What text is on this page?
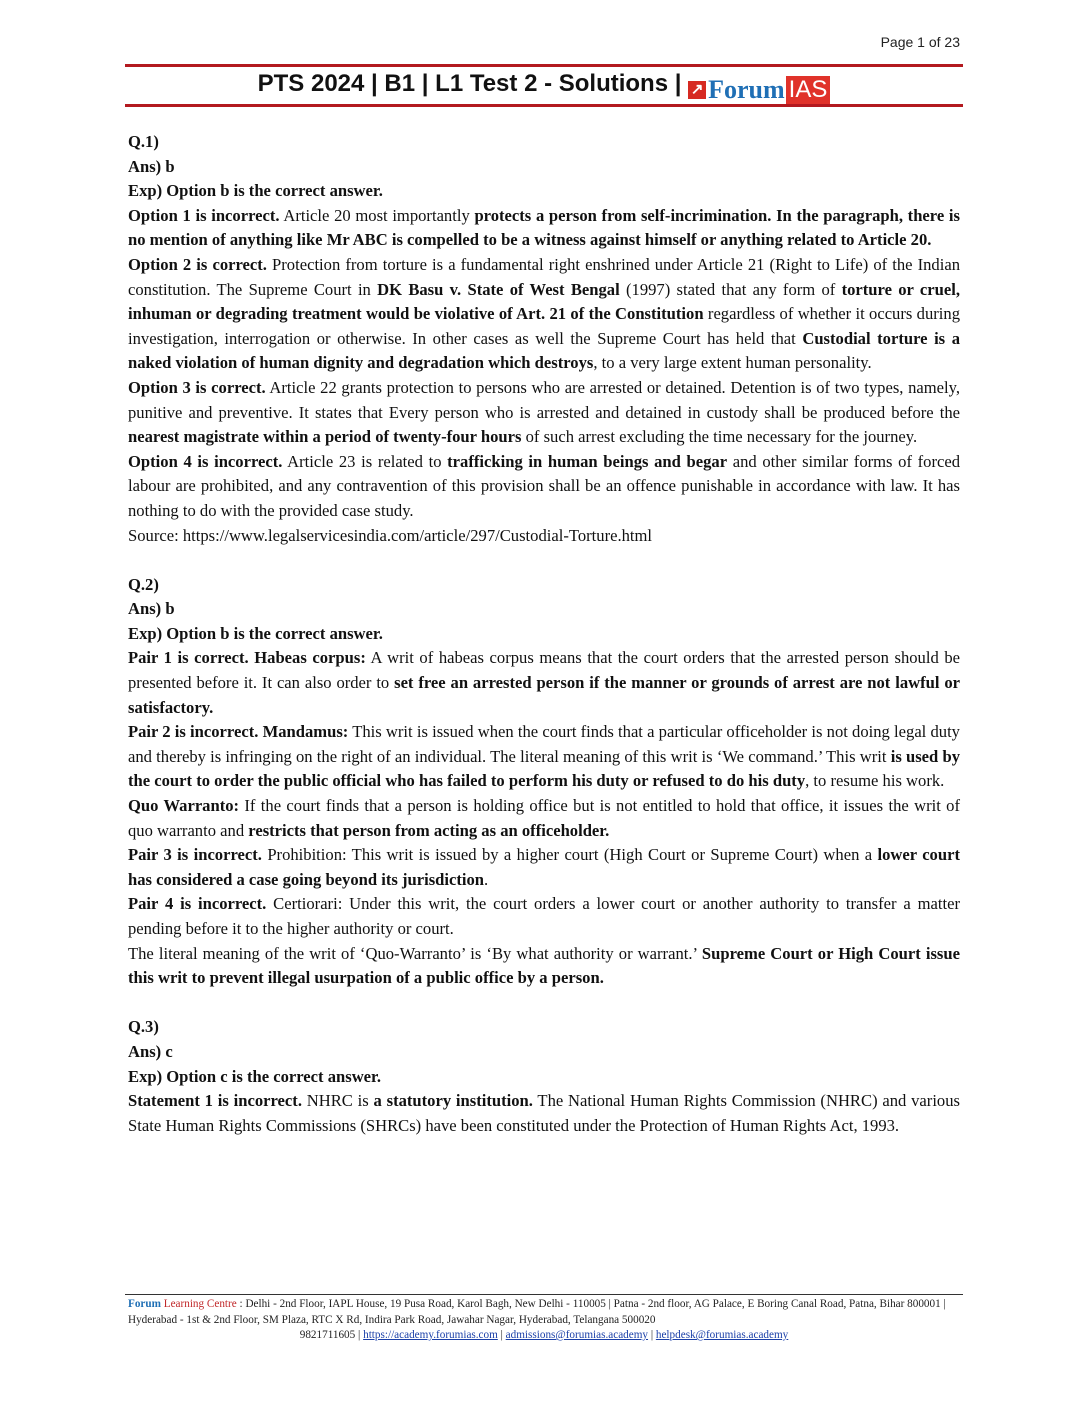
Page 1 of 23
PTS 2024 | B1 | L1 Test 2 - Solutions | ↗ Forum IAS

Q.1)

Ans) b

Exp) Option b is the correct answer.

Option 1 is incorrect. Article 20 most importantly protects a person from self-incrimination. In the paragraph, there is no mention of anything like Mr ABC is compelled to be a witness against himself or anything related to Article 20.

Option 2 is correct. Protection from torture is a fundamental right enshrined under Article 21 (Right to Life) of the Indian constitution. The Supreme Court in DK Basu v. State of West Bengal (1997) stated that any form of torture or cruel, inhuman or degrading treatment would be violative of Art. 21 of the Constitution regardless of whether it occurs during investigation, interrogation or otherwise. In other cases as well the Supreme Court has held that Custodial torture is a naked violation of human dignity and degradation which destroys, to a very large extent human personality.

Option 3 is correct. Article 22 grants protection to persons who are arrested or detained. Detention is of two types, namely, punitive and preventive. It states that Every person who is arrested and detained in custody shall be produced before the nearest magistrate within a period of twenty-four hours of such arrest excluding the time necessary for the journey.

Option 4 is incorrect. Article 23 is related to trafficking in human beings and begar and other similar forms of forced labour are prohibited, and any contravention of this provision shall be an offence punishable in accordance with law. It has nothing to do with the provided case study.

Source: https://www.legalservicesindia.com/article/297/Custodial-Torture.html

Q.2)

Ans) b

Exp) Option b is the correct answer.

Pair 1 is correct. Habeas corpus: A writ of habeas corpus means that the court orders that the arrested person should be presented before it. It can also order to set free an arrested person if the manner or grounds of arrest are not lawful or satisfactory.

Pair 2 is incorrect. Mandamus: This writ is issued when the court finds that a particular officeholder is not doing legal duty and thereby is infringing on the right of an individual. The literal meaning of this writ is ‘We command.’ This writ is used by the court to order the public official who has failed to perform his duty or refused to do his duty, to resume his work.

Quo Warranto: If the court finds that a person is holding office but is not entitled to hold that office, it issues the writ of quo warranto and restricts that person from acting as an officeholder.

Pair 3 is incorrect. Prohibition: This writ is issued by a higher court (High Court or Supreme Court) when a lower court has considered a case going beyond its jurisdiction.

Pair 4 is incorrect. Certiorari: Under this writ, the court orders a lower court or another authority to transfer a matter pending before it to the higher authority or court.

The literal meaning of the writ of ‘Quo-Warranto’ is ‘By what authority or warrant.’ Supreme Court or High Court issue this writ to prevent illegal usurpation of a public office by a person.

Q.3)

Ans) c

Exp) Option c is the correct answer.

Statement 1 is incorrect. NHRC is a statutory institution. The National Human Rights Commission (NHRC) and various State Human Rights Commissions (SHRCs) have been constituted under the Protection of Human Rights Act, 1993.

Forum Learning Centre : Delhi - 2nd Floor, IAPL House, 19 Pusa Road, Karol Bagh, New Delhi - 110005 | Patna - 2nd floor, AG Palace, E Boring Canal Road, Patna, Bihar 800001 | Hyderabad - 1st & 2nd Floor, SM Plaza, RTC X Rd, Indira Park Road, Jawahar Nagar, Hyderabad, Telangana 500020
9821711605 | https://academy.forumias.com | admissions@forumias.academy | helpdesk@forumias.academy
